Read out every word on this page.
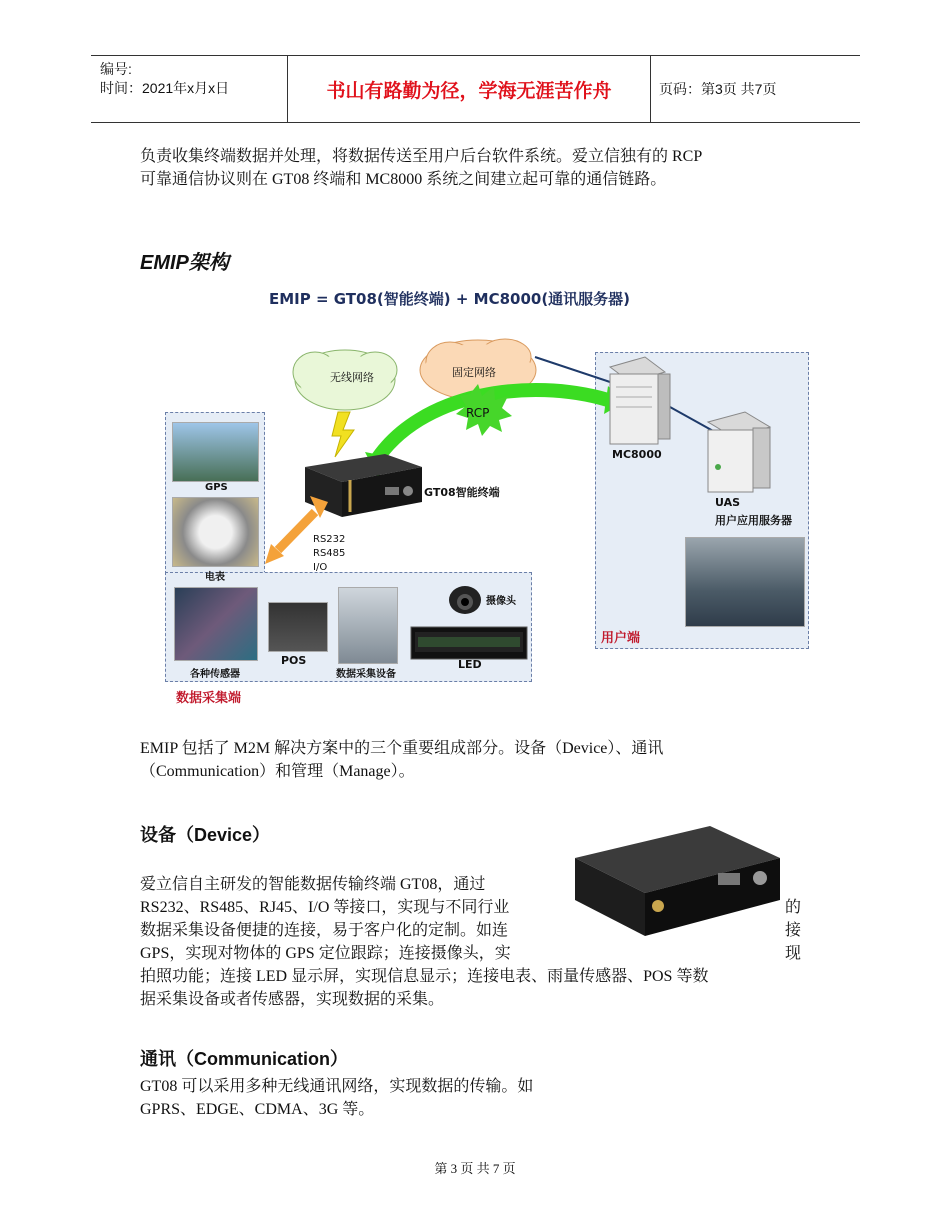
编号:
时间：2021年x月x日	书山有路勤为径，学海无涯苦作舟	页码：第3页 共7页
负责收集终端数据并处理，将数据传送至用户后台软件系统。爱立信独有的 RCP
可靠通信协议则在 GT08 终端和 MC8000 系统之间建立起可靠的通信链路。
EMIP架构
EMIP = GT08(智能终端) + MC8000(通讯服务器)
无线网络	固定网络
RCP
MC8000
UAS
用户应用服务器
GT08智能终端
RS232
RS485
I/O
GPS
电表
各种传感器
POS
数据采集设备
摄像头
LED
用户端
数据采集端
EMIP 包括了 M2M 解决方案中的三个重要组成部分。设备（Device）、通讯
（Communication）和管理（Manage）。
设备（Device）
爱立信自主研发的智能数据传输终端 GT08，通过
RS232、RS485、RJ45、I/O 等接口，实现与不同行业	的
数据采集设备便捷的连接，易于客户化的定制。如连	接
GPS，实现对物体的 GPS 定位跟踪；连接摄像头，实	现
拍照功能；连接 LED 显示屏，实现信息显示；连接电表、雨量传感器、POS 等数
据采集设备或者传感器，实现数据的采集。
通讯（Communication）
GT08 可以采用多种无线通讯网络，实现数据的传输。如
GPRS、EDGE、CDMA、3G 等。
第 3 页 共 7 页
